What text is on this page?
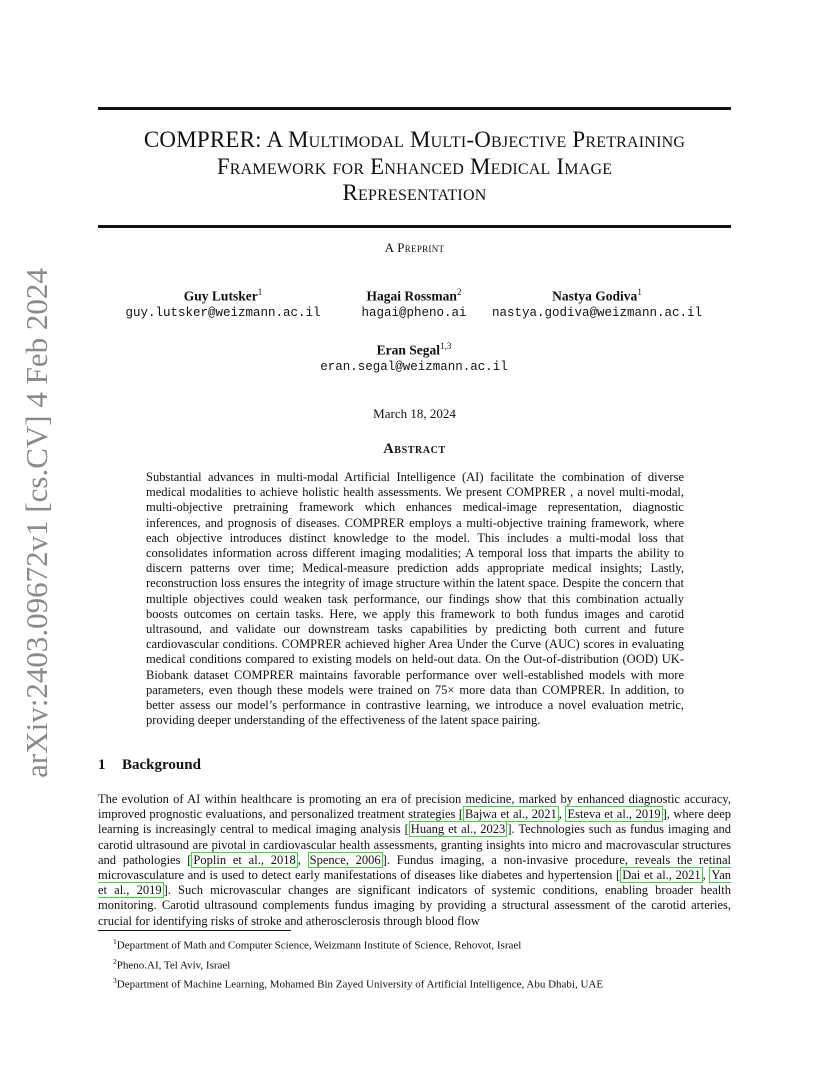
arXiv:2403.09672v1 [cs.CV] 4 Feb 2024
COMPRER: A Multimodal Multi-Objective Pretraining
Framework for Enhanced Medical Image
Representation
A Preprint
Guy Lutsker$^1$
guy.lutsker@weizmann.ac.il
Hagai Rossman$^2$
hagai@pheno.ai
Nastya Godiva$^1$
nastya.godiva@weizmann.ac.il
Eran Segal$^{1,3}$
eran.segal@weizmann.ac.il
March 18, 2024
Abstract
Substantial advances in multi-modal Artificial Intelligence (AI) facilitate the combination of diverse medical modalities to achieve holistic health assessments. We present COMPRER , a novel multi-modal, multi-objective pretraining framework which enhances medical-image representation, diagnostic inferences, and prognosis of diseases. COMPRER employs a multi-objective training framework, where each objective introduces distinct knowledge to the model. This includes a multi-modal loss that consolidates information across different imaging modalities; A temporal loss that imparts the ability to discern patterns over time; Medical-measure prediction adds appropriate medical insights; Lastly, reconstruction loss ensures the integrity of image structure within the latent space. Despite the concern that multiple objectives could weaken task performance, our findings show that this combination actually boosts outcomes on certain tasks. Here, we apply this framework to both fundus images and carotid ultrasound, and validate our downstream tasks capabilities by predicting both current and future cardiovascular conditions. COMPRER achieved higher Area Under the Curve (AUC) scores in evaluating medical conditions compared to existing models on held-out data. On the Out-of-distribution (OOD) UK-Biobank dataset COMPRER maintains favorable performance over well-established models with more parameters, even though these models were trained on 75× more data than COMPRER. In addition, to better assess our model’s performance in contrastive learning, we introduce a novel evaluation metric, providing deeper understanding of the effectiveness of the latent space pairing.
1 Background
The evolution of AI within healthcare is promoting an era of precision medicine, marked by enhanced diagnostic accuracy, improved prognostic evaluations, and personalized treatment strategies [ Bajwa et al., 2021 , Esteva et al., 2019 ], where deep learning is increasingly central to medical imaging analysis [ Huang et al., 2023 ]. Technologies such as fundus imaging and carotid ultrasound are pivotal in cardiovascular health assessments, granting insights into micro and macrovascular structures and pathologies [ Poplin et al., 2018 , Spence, 2006 ]. Fundus imaging, a non-invasive procedure, reveals the retinal microvasculature and is used to detect early manifestations of diseases like diabetes and hypertension [ Dai et al., 2021 , Yan et al., 2019 ]. Such microvascular changes are significant indicators of systemic conditions, enabling broader health monitoring. Carotid ultrasound complements fundus imaging by providing a structural assessment of the carotid arteries, crucial for identifying risks of stroke and atherosclerosis through blood flow
$^1$Department of Math and Computer Science, Weizmann Institute of Science, Rehovot, Israel
$^2$Pheno.AI, Tel Aviv, Israel
$^3$Department of Machine Learning, Mohamed Bin Zayed University of Artificial Intelligence, Abu Dhabi, UAE
